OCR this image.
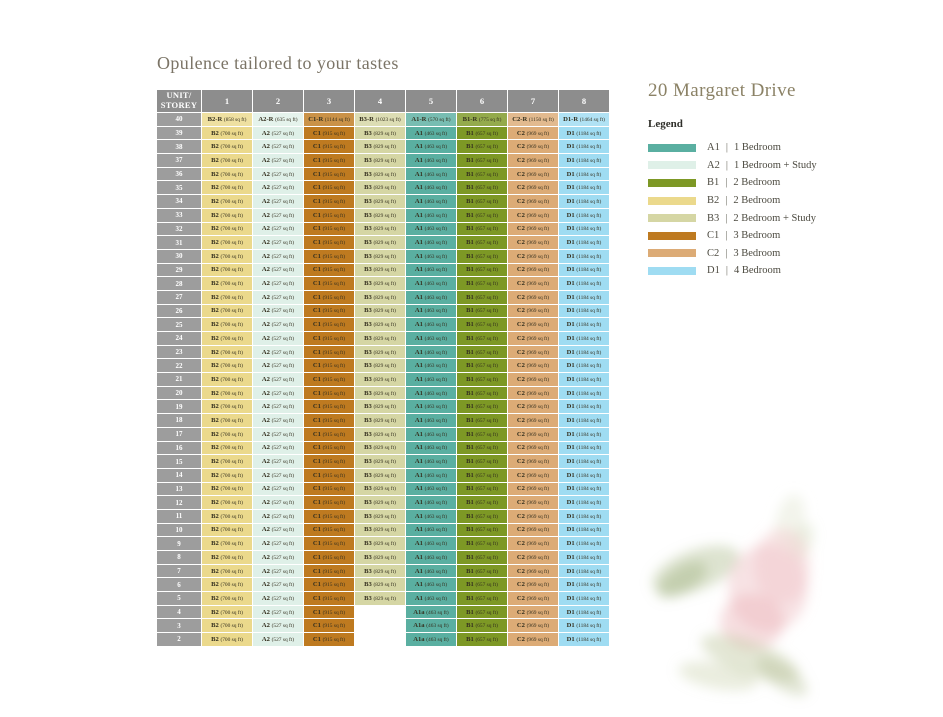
Opulence tailored to your tastes
UNIT/
STOREY	1	2	3	4	5	6	7	8
40	B2-R (858 sq ft)	A2-R (635 sq ft)	C1-R (1144 sq ft)	B3-R (1023 sq ft)	A1-R (570 sq ft)	B1-R (775 sq ft)	C2-R (1150 sq ft)	D1-R (1464 sq ft)
39	B2 (700 sq ft)	A2 (527 sq ft)	C1 (915 sq ft)	B3 (829 sq ft)	A1 (463 sq ft)	B1 (657 sq ft)	C2 (969 sq ft)	D1 (1184 sq ft)
38	B2 (700 sq ft)	A2 (527 sq ft)	C1 (915 sq ft)	B3 (829 sq ft)	A1 (463 sq ft)	B1 (657 sq ft)	C2 (969 sq ft)	D1 (1184 sq ft)
37	B2 (700 sq ft)	A2 (527 sq ft)	C1 (915 sq ft)	B3 (829 sq ft)	A1 (463 sq ft)	B1 (657 sq ft)	C2 (969 sq ft)	D1 (1184 sq ft)
36	B2 (700 sq ft)	A2 (527 sq ft)	C1 (915 sq ft)	B3 (829 sq ft)	A1 (463 sq ft)	B1 (657 sq ft)	C2 (969 sq ft)	D1 (1184 sq ft)
35	B2 (700 sq ft)	A2 (527 sq ft)	C1 (915 sq ft)	B3 (829 sq ft)	A1 (463 sq ft)	B1 (657 sq ft)	C2 (969 sq ft)	D1 (1184 sq ft)
34	B2 (700 sq ft)	A2 (527 sq ft)	C1 (915 sq ft)	B3 (829 sq ft)	A1 (463 sq ft)	B1 (657 sq ft)	C2 (969 sq ft)	D1 (1184 sq ft)
33	B2 (700 sq ft)	A2 (527 sq ft)	C1 (915 sq ft)	B3 (829 sq ft)	A1 (463 sq ft)	B1 (657 sq ft)	C2 (969 sq ft)	D1 (1184 sq ft)
32	B2 (700 sq ft)	A2 (527 sq ft)	C1 (915 sq ft)	B3 (829 sq ft)	A1 (463 sq ft)	B1 (657 sq ft)	C2 (969 sq ft)	D1 (1184 sq ft)
31	B2 (700 sq ft)	A2 (527 sq ft)	C1 (915 sq ft)	B3 (829 sq ft)	A1 (463 sq ft)	B1 (657 sq ft)	C2 (969 sq ft)	D1 (1184 sq ft)
30	B2 (700 sq ft)	A2 (527 sq ft)	C1 (915 sq ft)	B3 (829 sq ft)	A1 (463 sq ft)	B1 (657 sq ft)	C2 (969 sq ft)	D1 (1184 sq ft)
29	B2 (700 sq ft)	A2 (527 sq ft)	C1 (915 sq ft)	B3 (829 sq ft)	A1 (463 sq ft)	B1 (657 sq ft)	C2 (969 sq ft)	D1 (1184 sq ft)
28	B2 (700 sq ft)	A2 (527 sq ft)	C1 (915 sq ft)	B3 (829 sq ft)	A1 (463 sq ft)	B1 (657 sq ft)	C2 (969 sq ft)	D1 (1184 sq ft)
27	B2 (700 sq ft)	A2 (527 sq ft)	C1 (915 sq ft)	B3 (829 sq ft)	A1 (463 sq ft)	B1 (657 sq ft)	C2 (969 sq ft)	D1 (1184 sq ft)
26	B2 (700 sq ft)	A2 (527 sq ft)	C1 (915 sq ft)	B3 (829 sq ft)	A1 (463 sq ft)	B1 (657 sq ft)	C2 (969 sq ft)	D1 (1184 sq ft)
25	B2 (700 sq ft)	A2 (527 sq ft)	C1 (915 sq ft)	B3 (829 sq ft)	A1 (463 sq ft)	B1 (657 sq ft)	C2 (969 sq ft)	D1 (1184 sq ft)
24	B2 (700 sq ft)	A2 (527 sq ft)	C1 (915 sq ft)	B3 (829 sq ft)	A1 (463 sq ft)	B1 (657 sq ft)	C2 (969 sq ft)	D1 (1184 sq ft)
23	B2 (700 sq ft)	A2 (527 sq ft)	C1 (915 sq ft)	B3 (829 sq ft)	A1 (463 sq ft)	B1 (657 sq ft)	C2 (969 sq ft)	D1 (1184 sq ft)
22	B2 (700 sq ft)	A2 (527 sq ft)	C1 (915 sq ft)	B3 (829 sq ft)	A1 (463 sq ft)	B1 (657 sq ft)	C2 (969 sq ft)	D1 (1184 sq ft)
21	B2 (700 sq ft)	A2 (527 sq ft)	C1 (915 sq ft)	B3 (829 sq ft)	A1 (463 sq ft)	B1 (657 sq ft)	C2 (969 sq ft)	D1 (1184 sq ft)
20	B2 (700 sq ft)	A2 (527 sq ft)	C1 (915 sq ft)	B3 (829 sq ft)	A1 (463 sq ft)	B1 (657 sq ft)	C2 (969 sq ft)	D1 (1184 sq ft)
19	B2 (700 sq ft)	A2 (527 sq ft)	C1 (915 sq ft)	B3 (829 sq ft)	A1 (463 sq ft)	B1 (657 sq ft)	C2 (969 sq ft)	D1 (1184 sq ft)
18	B2 (700 sq ft)	A2 (527 sq ft)	C1 (915 sq ft)	B3 (829 sq ft)	A1 (463 sq ft)	B1 (657 sq ft)	C2 (969 sq ft)	D1 (1184 sq ft)
17	B2 (700 sq ft)	A2 (527 sq ft)	C1 (915 sq ft)	B3 (829 sq ft)	A1 (463 sq ft)	B1 (657 sq ft)	C2 (969 sq ft)	D1 (1184 sq ft)
16	B2 (700 sq ft)	A2 (527 sq ft)	C1 (915 sq ft)	B3 (829 sq ft)	A1 (463 sq ft)	B1 (657 sq ft)	C2 (969 sq ft)	D1 (1184 sq ft)
15	B2 (700 sq ft)	A2 (527 sq ft)	C1 (915 sq ft)	B3 (829 sq ft)	A1 (463 sq ft)	B1 (657 sq ft)	C2 (969 sq ft)	D1 (1184 sq ft)
14	B2 (700 sq ft)	A2 (527 sq ft)	C1 (915 sq ft)	B3 (829 sq ft)	A1 (463 sq ft)	B1 (657 sq ft)	C2 (969 sq ft)	D1 (1184 sq ft)
13	B2 (700 sq ft)	A2 (527 sq ft)	C1 (915 sq ft)	B3 (829 sq ft)	A1 (463 sq ft)	B1 (657 sq ft)	C2 (969 sq ft)	D1 (1184 sq ft)
12	B2 (700 sq ft)	A2 (527 sq ft)	C1 (915 sq ft)	B3 (829 sq ft)	A1 (463 sq ft)	B1 (657 sq ft)	C2 (969 sq ft)	D1 (1184 sq ft)
11	B2 (700 sq ft)	A2 (527 sq ft)	C1 (915 sq ft)	B3 (829 sq ft)	A1 (463 sq ft)	B1 (657 sq ft)	C2 (969 sq ft)	D1 (1184 sq ft)
10	B2 (700 sq ft)	A2 (527 sq ft)	C1 (915 sq ft)	B3 (829 sq ft)	A1 (463 sq ft)	B1 (657 sq ft)	C2 (969 sq ft)	D1 (1184 sq ft)
9	B2 (700 sq ft)	A2 (527 sq ft)	C1 (915 sq ft)	B3 (829 sq ft)	A1 (463 sq ft)	B1 (657 sq ft)	C2 (969 sq ft)	D1 (1184 sq ft)
8	B2 (700 sq ft)	A2 (527 sq ft)	C1 (915 sq ft)	B3 (829 sq ft)	A1 (463 sq ft)	B1 (657 sq ft)	C2 (969 sq ft)	D1 (1184 sq ft)
7	B2 (700 sq ft)	A2 (527 sq ft)	C1 (915 sq ft)	B3 (829 sq ft)	A1 (463 sq ft)	B1 (657 sq ft)	C2 (969 sq ft)	D1 (1184 sq ft)
6	B2 (700 sq ft)	A2 (527 sq ft)	C1 (915 sq ft)	B3 (829 sq ft)	A1 (463 sq ft)	B1 (657 sq ft)	C2 (969 sq ft)	D1 (1184 sq ft)
5	B2 (700 sq ft)	A2 (527 sq ft)	C1 (915 sq ft)	B3 (829 sq ft)	A1 (463 sq ft)	B1 (657 sq ft)	C2 (969 sq ft)	D1 (1184 sq ft)
4	B2 (700 sq ft)	A2 (527 sq ft)	C1 (915 sq ft)		A1a (463 sq ft)	B1 (657 sq ft)	C2 (969 sq ft)	D1 (1184 sq ft)
3	B2 (700 sq ft)	A2 (527 sq ft)	C1 (915 sq ft)		A1a (463 sq ft)	B1 (657 sq ft)	C2 (969 sq ft)	D1 (1184 sq ft)
2	B2 (700 sq ft)	A2 (527 sq ft)	C1 (915 sq ft)		A1a (463 sq ft)	B1 (657 sq ft)	C2 (969 sq ft)	D1 (1184 sq ft)
20 Margaret Drive
Legend
A1 | 1 Bedroom
A2 | 1 Bedroom + Study
B1 | 2 Bedroom
B2 | 2 Bedroom
B3 | 2 Bedroom + Study
C1 | 3 Bedroom
C2 | 3 Bedroom
D1 | 4 Bedroom
